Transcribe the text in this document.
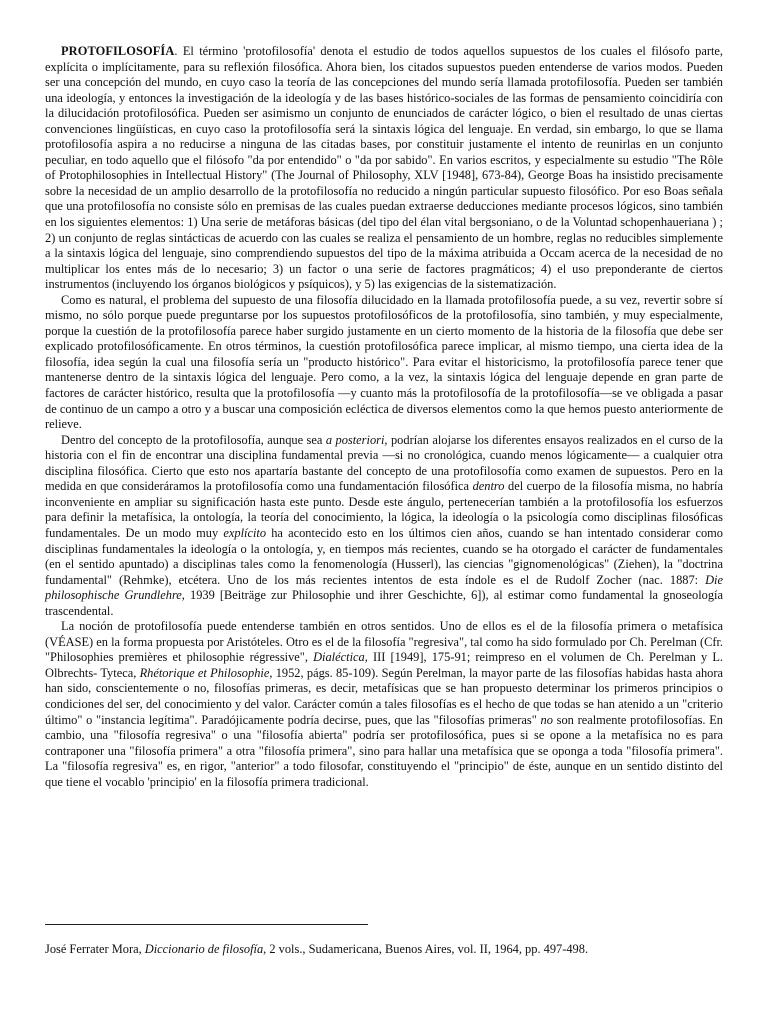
PROTOFILOSOFÍA. El término 'protofilosofía' denota el estudio de todos aquellos supuestos de los cuales el filósofo parte, explícita o implícitamente, para su reflexión filosófica. Ahora bien, los citados supuestos pueden entenderse de varios modos. Pueden ser una concepción del mundo, en cuyo caso la teoría de las concepciones del mundo sería llamada protofilosofía. Pueden ser también una ideología, y entonces la investigación de la ideología y de las bases histórico-sociales de las formas de pensamiento coincidiría con la dilucidación protofilosófica. Pueden ser asimismo un conjunto de enunciados de carácter lógico, o bien el resultado de unas ciertas convenciones lingüísticas, en cuyo caso la protofilosofía será la sintaxis lógica del lenguaje. En verdad, sin embargo, lo que se llama protofilosofía aspira a no reducirse a ninguna de las citadas bases, por constituir justamente el intento de reunirlas en un conjunto peculiar, en todo aquello que el filósofo "da por entendido" o "da por sabido". En varios escritos, y especialmente su estudio "The Rôle of Protophilosophies in Intellectual History" (The Journal of Philosophy, XLV [1948], 673-84), George Boas ha insistido precisamente sobre la necesidad de un amplio desarrollo de la protofilosofía no reducido a ningún particular supuesto filosófico. Por eso Boas señala que una protofilosofía no consiste sólo en premisas de las cuales puedan extraerse deducciones mediante procesos lógicos, sino también en los siguientes elementos: 1) Una serie de metáforas básicas (del tipo del élan vital bergsoniano, o de la Voluntad schopenhaueriana ) ; 2) un conjunto de reglas sintácticas de acuerdo con las cuales se realiza el pensamiento de un hombre, reglas no reducibles simplemente a la sintaxis lógica del lenguaje, sino comprendiendo supuestos del tipo de la máxima atribuida a Occam acerca de la necesidad de no multiplicar los entes más de lo necesario; 3) un factor o una serie de factores pragmáticos; 4) el uso preponderante de ciertos instrumentos (incluyendo los órganos biológicos y psíquicos), y 5) las exigencias de la sistematización.

Como es natural, el problema del supuesto de una filosofía dilucidado en la llamada protofilosofía puede, a su vez, revertir sobre sí mismo, no sólo porque puede preguntarse por los supuestos protofilosóficos de la protofilosofía, sino también, y muy especialmente, porque la cuestión de la protofilosofía parece haber surgido justamente en un cierto momento de la historia de la filosofía que debe ser explicado protofilosóficamente. En otros términos, la cuestión protofilosófica parece implicar, al mismo tiempo, una cierta idea de la filosofía, idea según la cual una filosofía sería un "producto histórico". Para evitar el historicismo, la protofilosofía parece tener que mantenerse dentro de la sintaxis lógica del lenguaje. Pero como, a la vez, la sintaxis lógica del lenguaje depende en gran parte de factores de carácter histórico, resulta que la protofilosofía —y cuanto más la protofilosofía de la protofilosofía—se ve obligada a pasar de continuo de un campo a otro y a buscar una composición ecléctica de diversos elementos como la que hemos puesto anteriormente de relieve.

Dentro del concepto de la protofilosofía, aunque sea a posteriori, podrían alojarse los diferentes ensayos realizados en el curso de la historia con el fin de encontrar una disciplina fundamental previa —si no cronológica, cuando menos lógicamente— a cualquier otra disciplina filosófica. Cierto que esto nos apartaría bastante del concepto de una protofilosofía como examen de supuestos. Pero en la medida en que consideráramos la protofilosofía como una fundamentación filosófica dentro del cuerpo de la filosofía misma, no habría inconveniente en ampliar su significación hasta este punto. Desde este ángulo, pertenecerían también a la protofilosofía los esfuerzos para definir la metafísica, la ontología, la teoría del conocimiento, la lógica, la ideología o la psicología como disciplinas filosóficas fundamentales. De un modo muy explícito ha acontecido esto en los últimos cien años, cuando se han intentado considerar como disciplinas fundamentales la ideología o la ontología, y, en tiempos más recientes, cuando se ha otorgado el carácter de fundamentales (en el sentido apuntado) a disciplinas tales como la fenomenología (Husserl), las ciencias "gignomenológicas" (Ziehen), la "doctrina fundamental" (Rehmke), etcétera. Uno de los más recientes intentos de esta índole es el de Rudolf Zocher (nac. 1887: Die philosophische Grundlehre, 1939 [Beiträge zur Philosophie und ihrer Geschichte, 6]), al estimar como fundamental la gnoseología trascendental.

La noción de protofilosofía puede entenderse también en otros sentidos. Uno de ellos es el de la filosofía primera o metafísica (VÉASE) en la forma propuesta por Aristóteles. Otro es el de la filosofía "regresiva", tal como ha sido formulado por Ch. Perelman (Cfr. "Philosophies premières et philosophie régressive", Dialéctica, III [1949], 175-91; reimpreso en el volumen de Ch. Perelman y L. Olbrechts- Tyteca, Rhétorique et Philosophie, 1952, págs. 85-109). Según Perelman, la mayor parte de las filosofías habidas hasta ahora han sido, conscientemente o no, filosofías primeras, es decir, metafísicas que se han propuesto determinar los primeros principios o condiciones del ser, del conocimiento y del valor. Carácter común a tales filosofías es el hecho de que todas se han atenido a un "criterio último" o "instancia legítima". Paradójicamente podría decirse, pues, que las "filosofías primeras" no son realmente protofilosofías. En cambio, una "filosofía regresiva" o una "filosofía abierta" podría ser protofilosófica, pues si se opone a la metafísica no es para contraponer una "filosofía primera" a otra "filosofía primera", sino para hallar una metafísica que se oponga a toda "filosofía primera". La "filosofía regresiva" es, en rigor, "anterior" a todo filosofar, constituyendo el "principio" de éste, aunque en un sentido distinto del que tiene el vocablo 'principio' en la filosofía primera tradicional.

José Ferrater Mora, Diccionario de filosofía, 2 vols., Sudamericana, Buenos Aires, vol. II, 1964, pp. 497-498.
